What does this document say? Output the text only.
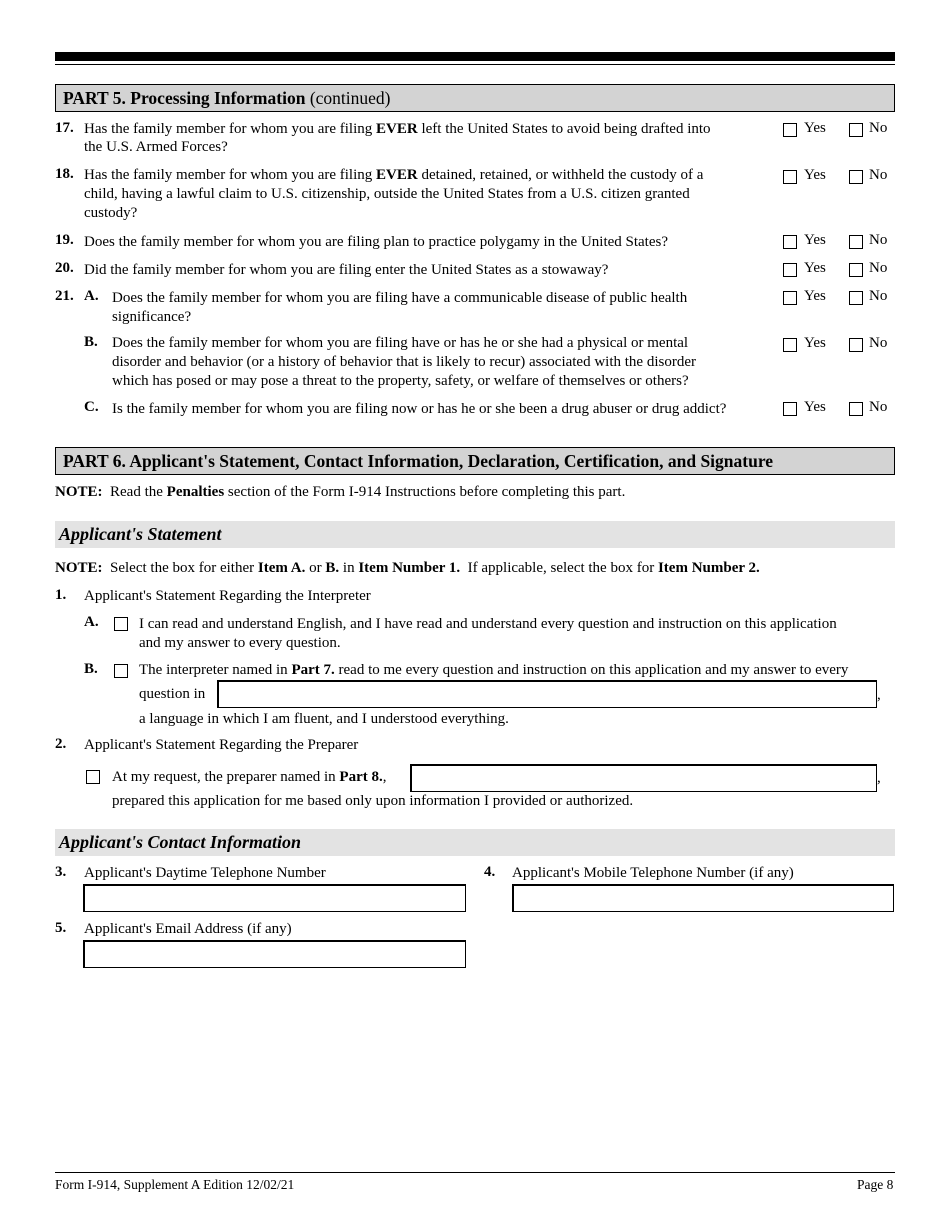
PART 5. Processing Information (continued)
17. Has the family member for whom you are filing EVER left the United States to avoid being drafted into
the U.S. Armed Forces?
Yes	No
18. Has the family member for whom you are filing EVER detained, retained, or withheld the custody of a
child, having a lawful claim to U.S. citizenship, outside the United States from a U.S. citizen granted
custody?
Yes	No
19. Does the family member for whom you are filing plan to practice polygamy in the United States?	Yes	No
20. Did the family member for whom you are filing enter the United States as a stowaway?	Yes	No
21. A. Does the family member for whom you are filing have a communicable disease of public health
significance?
Yes	No
B. Does the family member for whom you are filing have or has he or she had a physical or mental
disorder and behavior (or a history of behavior that is likely to recur) associated with the disorder
which has posed or may pose a threat to the property, safety, or welfare of themselves or others?
Yes	No
C. Is the family member for whom you are filing now or has he or she been a drug abuser or drug addict?	Yes	No
PART 6. Applicant's Statement, Contact Information, Declaration, Certification, and Signature
NOTE:  Read the Penalties section of the Form I-914 Instructions before completing this part.
Applicant's Statement
NOTE:  Select the box for either Item A. or B. in Item Number 1.  If applicable, select the box for Item Number 2.
1. Applicant's Statement Regarding the Interpreter
A.	I can read and understand English, and I have read and understand every question and instruction on this application
and my answer to every question.
B.	The interpreter named in Part 7. read to me every question and instruction on this application and my answer to every
question in	,
a language in which I am fluent, and I understood everything.
2. Applicant's Statement Regarding the Preparer
At my request, the preparer named in Part 8.,	,
prepared this application for me based only upon information I provided or authorized.
Applicant's Contact Information
3. Applicant's Daytime Telephone Number	4. Applicant's Mobile Telephone Number (if any)
5. Applicant's Email Address (if any)
Form I-914, Supplement A Edition 12/02/21	Page 8
